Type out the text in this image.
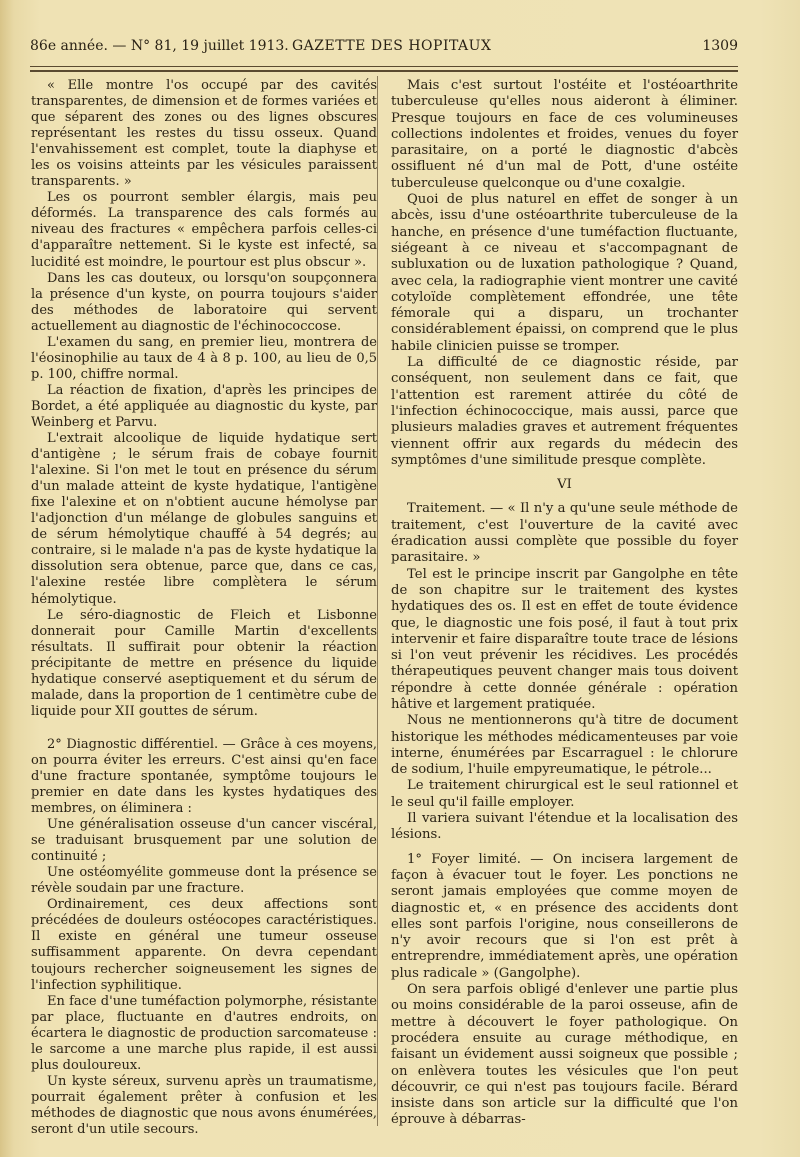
86e année. — N° 81, 19 juillet 1913. GAZETTE DES HOPITAUX	1309

« Elle montre l'os occupé par des cavités transparentes, de dimension et de formes variées et que séparent des zones ou des lignes obscures représentant les restes du tissu osseux. Quand l'envahissement est complet, toute la diaphyse et les os voisins atteints par les vésicules paraissent transparents. »

Les os pourront sembler élargis, mais peu déformés. La transparence des cals formés au niveau des fractures « empêchera parfois celles-ci d'apparaître nettement. Si le kyste est infecté, sa lucidité est moindre, le pourtour est plus obscur ».

Dans les cas douteux, ou lorsqu'on soupçonnera la présence d'un kyste, on pourra toujours s'aider des méthodes de laboratoire qui servent actuellement au diagnostic de l'échinococcose.

L'examen du sang, en premier lieu, montrera de l'éosinophilie au taux de 4 à 8 p. 100, au lieu de 0,5 p. 100, chiffre normal.

La réaction de fixation, d'après les principes de Bordet, a été appliquée au diagnostic du kyste, par Weinberg et Parvu.

L'extrait alcoolique de liquide hydatique sert d'antigène ; le sérum frais de cobaye fournit l'alexine. Si l'on met le tout en présence du sérum d'un malade atteint de kyste hydatique, l'antigène fixe l'alexine et on n'obtient aucune hémolyse par l'adjonction d'un mélange de globules sanguins et de sérum hémolytique chauffé à 54 degrés; au contraire, si le malade n'a pas de kyste hydatique la dissolution sera obtenue, parce que, dans ce cas, l'alexine restée libre complètera le sérum hémolytique.

Le séro-diagnostic de Fleich et Lisbonne donnerait pour Camille Martin d'excellents résultats. Il suffirait pour obtenir la réaction précipitante de mettre en présence du liquide hydatique conservé aseptiquement et du sérum de malade, dans la proportion de 1 centimètre cube de liquide pour XII gouttes de sérum.

2° Diagnostic différentiel. — Grâce à ces moyens, on pourra éviter les erreurs. C'est ainsi qu'en face d'une fracture spontanée, symptôme toujours le premier en date dans les kystes hydatiques des membres, on éliminera :

Une généralisation osseuse d'un cancer viscéral, se traduisant brusquement par une solution de continuité ;

Une ostéomyélite gommeuse dont la présence se révèle soudain par une fracture.

Ordinairement, ces deux affections sont précédées de douleurs ostéocopes caractéristiques. Il existe en général une tumeur osseuse suffisamment apparente. On devra cependant toujours rechercher soigneusement les signes de l'infection syphilitique.

En face d'une tuméfaction polymorphe, résistante par place, fluctuante en d'autres endroits, on écartera le diagnostic de production sarcomateuse : le sarcome a une marche plus rapide, il est aussi plus douloureux.

Un kyste séreux, survenu après un traumatisme, pourrait également prêter à confusion et les méthodes de diagnostic que nous avons énumérées, seront d'un utile secours.

Mais c'est surtout l'ostéite et l'ostéoarthrite tuberculeuse qu'elles nous aideront à éliminer. Presque toujours en face de ces volumineuses collections indolentes et froides, venues du foyer parasitaire, on a porté le diagnostic d'abcès ossifluent né d'un mal de Pott, d'une ostéite tuberculeuse quelconque ou d'une coxalgie.

Quoi de plus naturel en effet de songer à un abcès, issu d'une ostéoarthrite tuberculeuse de la hanche, en présence d'une tuméfaction fluctuante, siégeant à ce niveau et s'accompagnant de subluxation ou de luxation pathologique ? Quand, avec cela, la radiographie vient montrer une cavité cotyloïde complètement effondrée, une tête fémorale qui a disparu, un trochanter considérablement épaissi, on comprend que le plus habile clinicien puisse se tromper.

La difficulté de ce diagnostic réside, par conséquent, non seulement dans ce fait, que l'attention est rarement attirée du côté de l'infection échinococcique, mais aussi, parce que plusieurs maladies graves et autrement fréquentes viennent offrir aux regards du médecin des symptômes d'une similitude presque complète.

VI

Traitement. — « Il n'y a qu'une seule méthode de traitement, c'est l'ouverture de la cavité avec éradication aussi complète que possible du foyer parasitaire. »

Tel est le principe inscrit par Gangolphe en tête de son chapitre sur le traitement des kystes hydatiques des os. Il est en effet de toute évidence que, le diagnostic une fois posé, il faut à tout prix intervenir et faire disparaître toute trace de lésions si l'on veut prévenir les récidives. Les procédés thérapeutiques peuvent changer mais tous doivent répondre à cette donnée générale : opération hâtive et largement pratiquée.

Nous ne mentionnerons qu'à titre de document historique les méthodes médicamenteuses par voie interne, énumérées par Escarraguel : le chlorure de sodium, l'huile empyreumatique, le pétrole...

Le traitement chirurgical est le seul rationnel et le seul qu'il faille employer.

Il variera suivant l'étendue et la localisation des lésions.

1° Foyer limité. — On incisera largement de façon à évacuer tout le foyer. Les ponctions ne seront jamais employées que comme moyen de diagnostic et, « en présence des accidents dont elles sont parfois l'origine, nous conseillerons de n'y avoir recours que si l'on est prêt à entreprendre, immédiatement après, une opération plus radicale » (Gangolphe).

On sera parfois obligé d'enlever une partie plus ou moins considérable de la paroi osseuse, afin de mettre à découvert le foyer pathologique. On procédera ensuite au curage méthodique, en faisant un évidement aussi soigneux que possible ; on enlèvera toutes les vésicules que l'on peut découvrir, ce qui n'est pas toujours facile. Bérard insiste dans son article sur la difficulté que l'on éprouve à débarras-
